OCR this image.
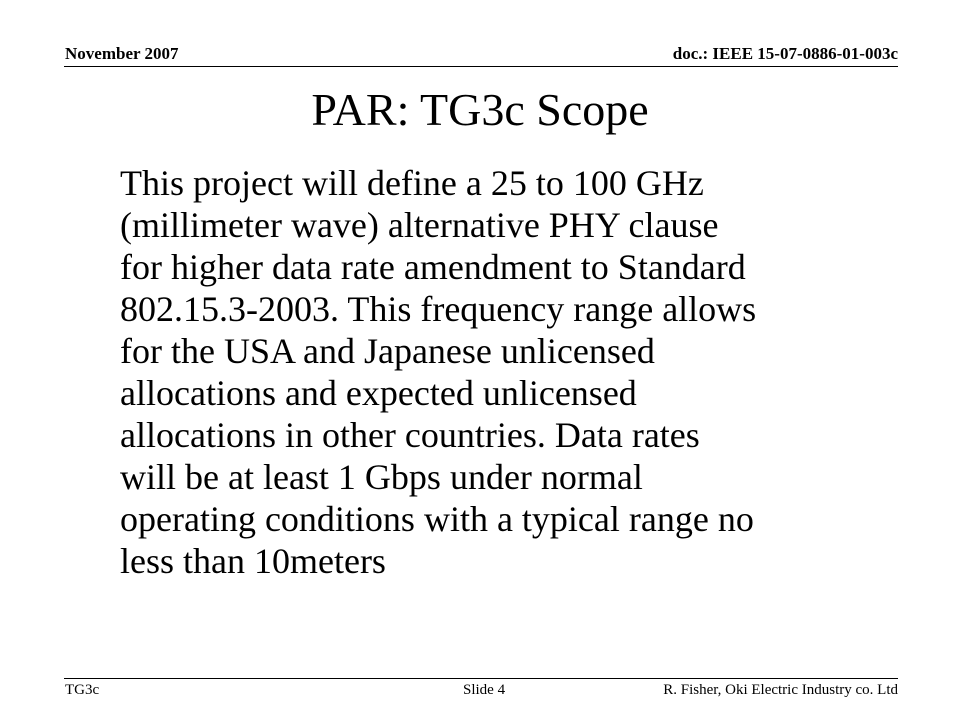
November 2007	doc.: IEEE 15-07-0886-01-003c
PAR: TG3c Scope

This project will define a 25 to 100 GHz
(millimeter wave) alternative PHY clause
for higher data rate amendment to Standard
802.15.3-2003. This frequency range allows
for the USA and Japanese unlicensed
allocations and expected unlicensed
allocations in other countries. Data rates
will be at least 1 Gbps under normal
operating conditions with a typical range no
less than 10meters

TG3c	Slide 4	R. Fisher, Oki Electric Industry co. Ltd
